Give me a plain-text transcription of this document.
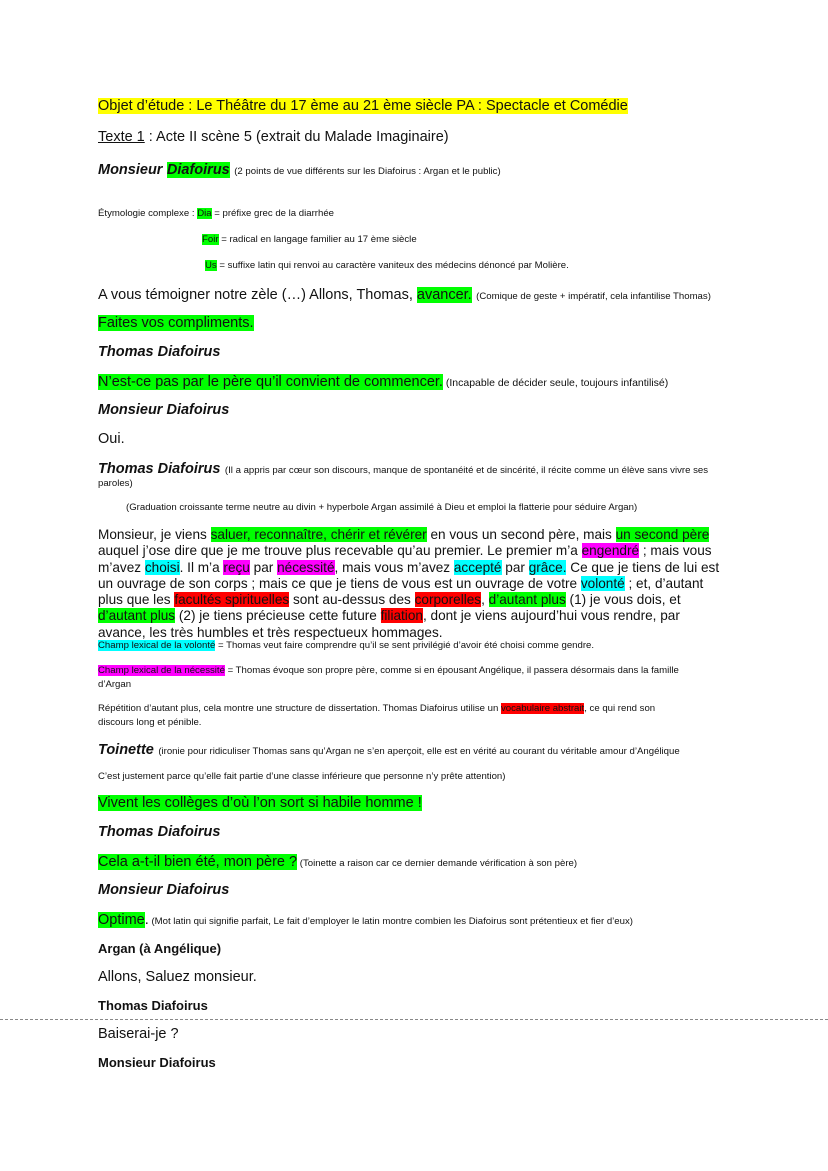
Objet d’étude : Le Théâtre du 17 ème au 21 ème siècle PA : Spectacle et Comédie
Texte 1 : Acte II scène 5 (extrait du Malade Imaginaire)
Monsieur Diafoirus (2 points de vue différents sur les Diafoirus : Argan et le public)
Étymologie complexe : Dia = préfixe grec de la diarrhée
Foir = radical en langage familier au 17 ème siècle
Us = suffixe latin qui renvoi au caractère vaniteux des médecins dénoncé par Molière.
A vous témoigner notre zèle (…) Allons, Thomas, avancer. (Comique de geste + impératif, cela infantilise Thomas)
Faites vos compliments.
Thomas Diafoirus
N’est-ce pas par le père qu’il convient de commencer. (Incapable de décider seule, toujours infantilisé)
Monsieur Diafoirus
Oui.
Thomas Diafoirus (Il a appris par cœur son discours, manque de spontanéité et de sincérité, il récite comme un élève sans vivre ses
paroles)
(Graduation croissante terme neutre au divin + hyperbole Argan assimilé à Dieu et emploi la flatterie pour séduire Argan)
Monsieur, je viens saluer, reconnaître, chérir et révérer en vous un second père, mais un second père auquel j’ose dire que je me trouve plus recevable qu’au premier. Le premier m’a engendré ; mais vous m’avez choisi. Il m’a reçu par nécessité, mais vous m’avez accepté par grâce. Ce que je tiens de lui est un ouvrage de son corps ; mais ce que je tiens de vous est un ouvrage de votre volonté ; et, d’autant plus que les facultés spirituelles sont au-dessus des corporelles, d’autant plus (1) je vous dois, et d’autant plus (2) je tiens précieuse cette future filiation, dont je viens aujourd’hui vous rendre, par avance, les très humbles et très respectueux hommages.
Champ lexical de la volonté = Thomas veut faire comprendre qu’il se sent privilégié d’avoir été choisi comme gendre.
Champ lexical de la nécessité = Thomas évoque son propre père, comme si en épousant Angélique, il passera désormais dans la famille
d’Argan
Répétition d’autant plus, cela montre une structure de dissertation. Thomas Diafoirus utilise un vocabulaire abstrait, ce qui rend son
discours long et pénible.
Toinette (ironie pour ridiculiser Thomas sans qu’Argan ne s’en aperçoit, elle est en vérité au courant du véritable amour d’Angélique
C’est justement parce qu’elle fait partie d’une classe inférieure que personne n’y prête attention)
Vivent les collèges d’où l’on sort si habile homme !
Thomas Diafoirus
Cela a-t-il bien été, mon père ? (Toinette a raison car ce dernier demande vérification à son père)
Monsieur Diafoirus
Optime. (Mot latin qui signifie parfait, Le fait d’employer le latin montre combien les Diafoirus sont prétentieux et fier d’eux)
Argan (à Angélique)
Allons, Saluez monsieur.
Thomas Diafoirus
Baiserai-je ?
Monsieur Diafoirus
